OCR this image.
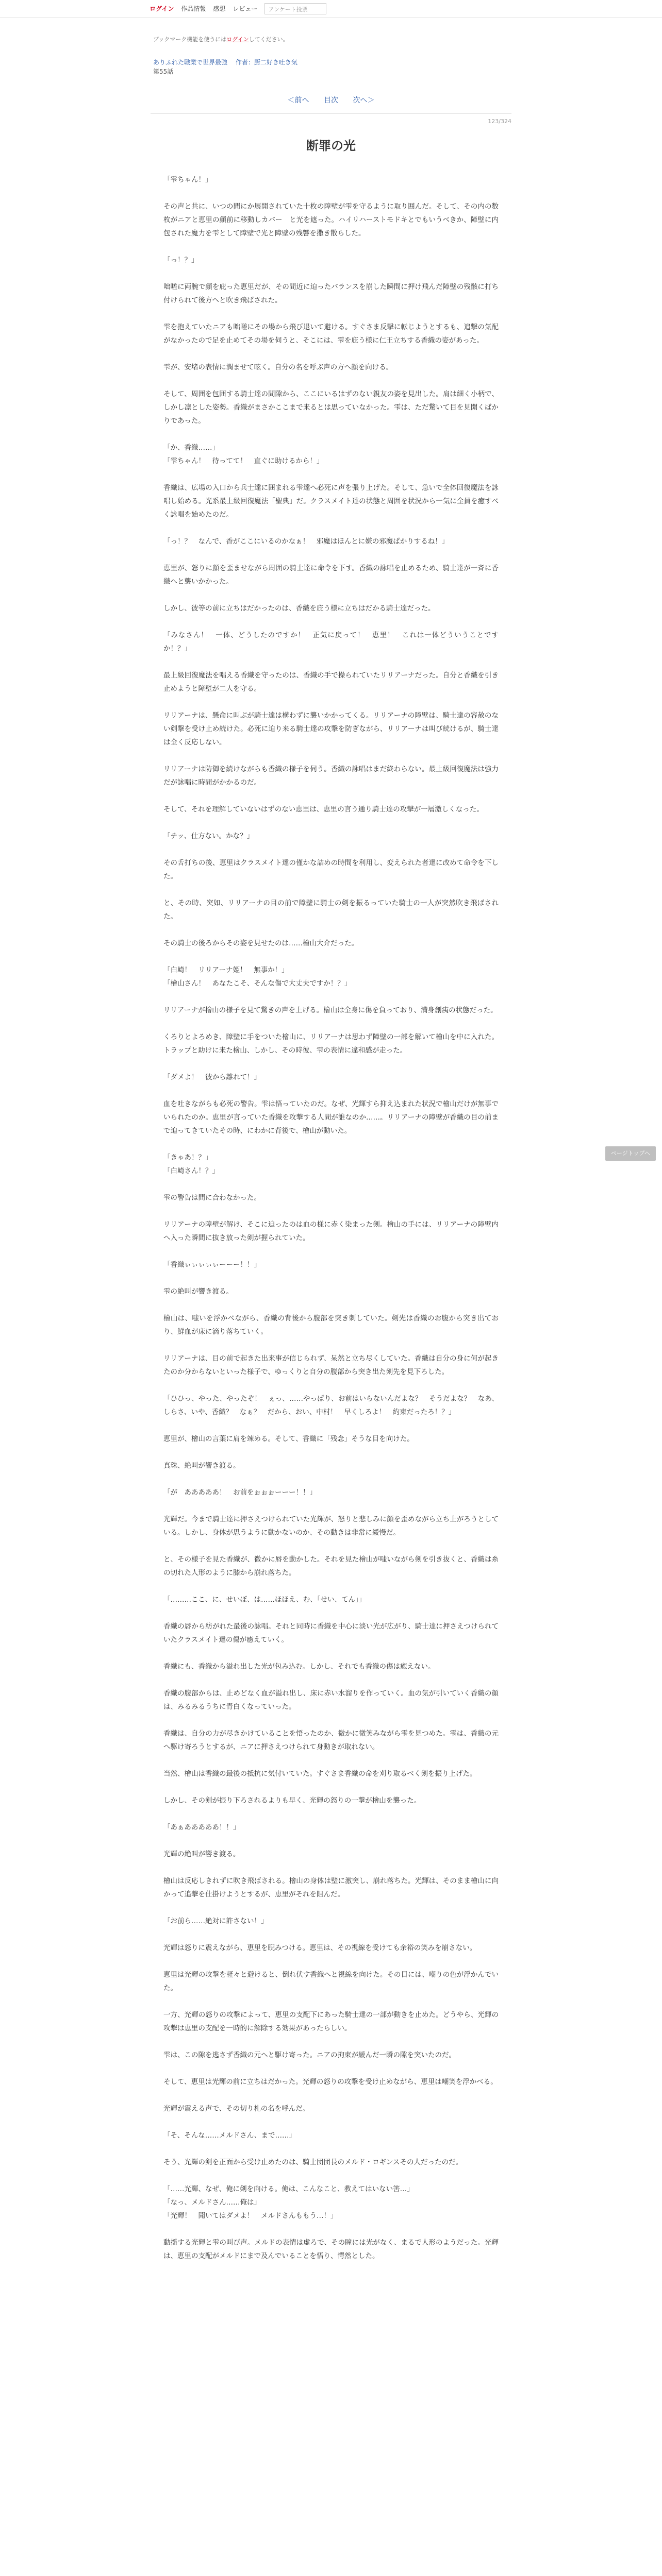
ログイン 作品情報 感想 レビュー	アンケート投票
ブックマーク機能を使うにはログインしてください。
ありふれた職業で世界最強 作者：厨二好き吐き気
第55話
＜前へ 目次 次へ＞
123/324
断罪の光

「雫ちゃん！」

その声と共に、いつの間にか展開されていた十枚の障壁が雫を守るように取り囲んだ。そして、その内の数枚がニアと恵里の顔前に移動しカバー　と光を遮った。ハイリハーストモドキとでもいうべきか、障壁に内包された魔力を雫として障壁で光と障壁の残響を撒き散らした。

「っ！？」

咄嗟に両腕で顔を庇った恵里だが、その間近に迫ったバランスを崩した瞬間に押け飛んだ障壁の残骸に打ち付けられて後方へと吹き飛ばされた。

雫を抱えていたニアも咄嗟にその場から飛び退いて避ける。すぐさま反撃に転じようとするも、追撃の気配がなかったので足を止めてその場を伺うと、そこには、雫を庇う様に仁王立ちする香織の姿があった。

雫が、安堵の表情に潤ませて呟く。自分の名を呼ぶ声の方へ顔を向ける。

そして、周囲を包囲する騎士達の間隙から、ここにいるはずのない親友の姿を見出した。肩は細く小柄で、しかし凛とした姿勢。香織がまさかここまで来るとは思っていなかった。雫は、ただ驚いて目を見開くばかりであった。

「か、香織……」
「雫ちゃん！　待ってて！　直ぐに助けるから！」

香織は、広場の入口から兵士達に囲まれる雫達へ必死に声を張り上げた。そして、急いで全体回復魔法を詠唱し始める。光系最上級回復魔法「聖典」だ。クラスメイト達の状態と周囲を状況から一気に全員を癒すべく詠唱を始めたのだ。

「っ！？　なんで、香がここにいるのかなぁ！　邪魔はほんとに嫌の邪魔ばかりするね！」

恵里が、怒りに顔を歪ませながら周囲の騎士達に命令を下す。香織の詠唱を止めるため、騎士達が一斉に香織へと襲いかかった。

しかし、彼等の前に立ちはだかったのは、香織を庇う様に立ちはだかる騎士達だった。

「みなさん！　一体、どうしたのですか！　正気に戻って！　恵里！　これは一体どういうことですか！？」

最上級回復魔法を唱える香織を守ったのは、香織の手で操られていたリリアーナだった。自分と香織を引き止めようと障壁が二人を守る。

リリアーナは、懸命に叫ぶが騎士達は構わずに襲いかかってくる。リリアーナの障壁は、騎士達の容赦のない剣撃を受け止め続けた。必死に迫り来る騎士達の攻撃を防ぎながら、リリアーナは叫び続けるが、騎士達は全く反応しない。

リリアーナは防御を続けながらも香織の様子を伺う。香織の詠唱はまだ終わらない。最上級回復魔法は強力だが詠唱に時間がかかるのだ。

そして、それを理解していないはずのない恵里は、恵里の言う通り騎士達の攻撃が一層激しくなった。

「チッ、仕方ない。かな？」

その舌打ちの後、恵里はクラスメイト達の僅かな詰めの時間を利用し、変えられた者達に改めて命令を下した。

と、その時、突如、リリアーナの目の前で障壁に騎士の剣を振るっていた騎士の一人が突然吹き飛ばされた。

その騎士の後ろからその姿を見せたのは……檜山大介だった。

「白崎！　リリアーナ姫！　無事か！」
「檜山さん！　あなたこそ、そんな傷で大丈夫ですか！？」

リリアーナが檜山の様子を見て驚きの声を上げる。檜山は全身に傷を負っており、満身創痍の状態だった。

くろりとよろめき、障壁に手をついた檜山に、リリアーナは思わず障壁の一部を解いて檜山を中に入れた。トラップと助けに来た檜山、しかし、その時彼、雫の表情に違和感が走った。

「ダメよ！　彼から離れて！」

血を吐きながらも必死の警告。雫は悟っていたのだ。なぜ、光輝すら抑え込まれた状況で檜山だけが無事でいられたのか。恵里が言っていた香織を攻撃する人間が誰なのか……。リリアーナの障壁が香織の目の前まで迫ってきていたその時、にわかに背後で、檜山が動いた。

「きゃあ！？」
「白崎さん！？」

雫の警告は間に合わなかった。

リリアーナの障壁が解け、そこに迫ったのは血の様に赤く染まった剣。檜山の手には、リリアーナの障壁内へ入った瞬間に抜き放った剣が握られていた。

「香織ぃぃぃぃぃーーー！！」

雫の絶叫が響き渡る。

檜山は、嗤いを浮かべながら、香織の背後から腹部を突き刺していた。剣先は香織のお腹から突き出ており、鮮血が床に滴り落ちていく。

リリアーナは、目の前で起きた出来事が信じられず、呆然と立ち尽くしていた。香織は自分の身に何が起きたのか分からないといった様子で、ゆっくりと自分の腹部から突き出た剣先を見下ろした。

「ひひっ、やった、やったぞ！　ぇっ、……やっぱり、お前はいらないんだよな？　そうだよな？　なあ、しらさ、いや、香織？　なぁ？　だから、おい、中村！　早くしろよ！　約束だったろ！？」

恵里が、檜山の言葉に肩を竦める。そして、香織に「残念」そうな目を向けた。

真珠、絶叫が響き渡る。

「が　あああああ！　お前をぉぉぉーーー！！」

光輝だ。今まで騎士達に押さえつけられていた光輝が、怒りと悲しみに顔を歪めながら立ち上がろうとしている。しかし、身体が思うように動かないのか、その動きは非常に緩慢だ。

と、その様子を見た香織が、微かに唇を動かした。それを見た檜山が嗤いながら剣を引き抜くと、香織は糸の切れた人形のように膝から崩れ落ちた。

「………ここ、に、せいぼ、は……ほほえ、む、「せい、てん」」

香織の唇から紡がれた最後の詠唱。それと同時に香織を中心に淡い光が広がり、騎士達に押さえつけられていたクラスメイト達の傷が癒えていく。

香織にも、香織から溢れ出した光が包み込む。しかし、それでも香織の傷は癒えない。

香織の腹部からは、止めどなく血が溢れ出し、床に赤い水溜りを作っていく。血の気が引いていく香織の顔は、みるみるうちに青白くなっていった。

香織は、自分の力が尽きかけていることを悟ったのか、微かに微笑みながら雫を見つめた。雫は、香織の元へ駆け寄ろうとするが、ニアに押さえつけられて身動きが取れない。

当然、檜山は香織の最後の抵抗に気付いていた。すぐさま香織の命を刈り取るべく剣を振り上げた。

しかし、その剣が振り下ろされるよりも早く、光輝の怒りの一撃が檜山を襲った。

「あぁあああああ！！」

光輝の絶叫が響き渡る。

檜山は反応しきれずに吹き飛ばされる。檜山の身体は壁に激突し、崩れ落ちた。光輝は、そのまま檜山に向かって追撃を仕掛けようとするが、恵里がそれを阻んだ。

「お前ら……絶対に許さない！」

光輝は怒りに震えながら、恵里を睨みつける。恵里は、その視線を受けても余裕の笑みを崩さない。

恵里は光輝の攻撃を軽々と避けると、倒れ伏す香織へと視線を向けた。その目には、嘲りの色が浮かんでいた。

一方、光輝の怒りの攻撃によって、恵里の支配下にあった騎士達の一部が動きを止めた。どうやら、光輝の攻撃は恵里の支配を一時的に解除する効果があったらしい。

雫は、この隙を逃さず香織の元へと駆け寄った。ニアの拘束が緩んだ一瞬の隙を突いたのだ。

そして、恵里は光輝の前に立ちはだかった。光輝の怒りの攻撃を受け止めながら、恵里は嘲笑を浮かべる。

光輝が震える声で、その切り札の名を呼んだ。

「そ、そんな……メルドさん、まで……」

そう、光輝の剣を正面から受け止めたのは、騎士団団長のメルド・ロギンスその人だったのだ。

「……光輝、なぜ、俺に剣を向ける。俺は、こんなこと、教えてはいない筈…」
「なっ、メルドさん……俺は」
「光輝！　聞いてはダメよ！　メルドさんももう…！」

動揺する光輝と雫の叫び声。メルドの表情は虚ろで、その瞳には光がなく、まるで人形のようだった。光輝は、恵里の支配がメルドにまで及んでいることを悟り、愕然とした。

ページトップへ
